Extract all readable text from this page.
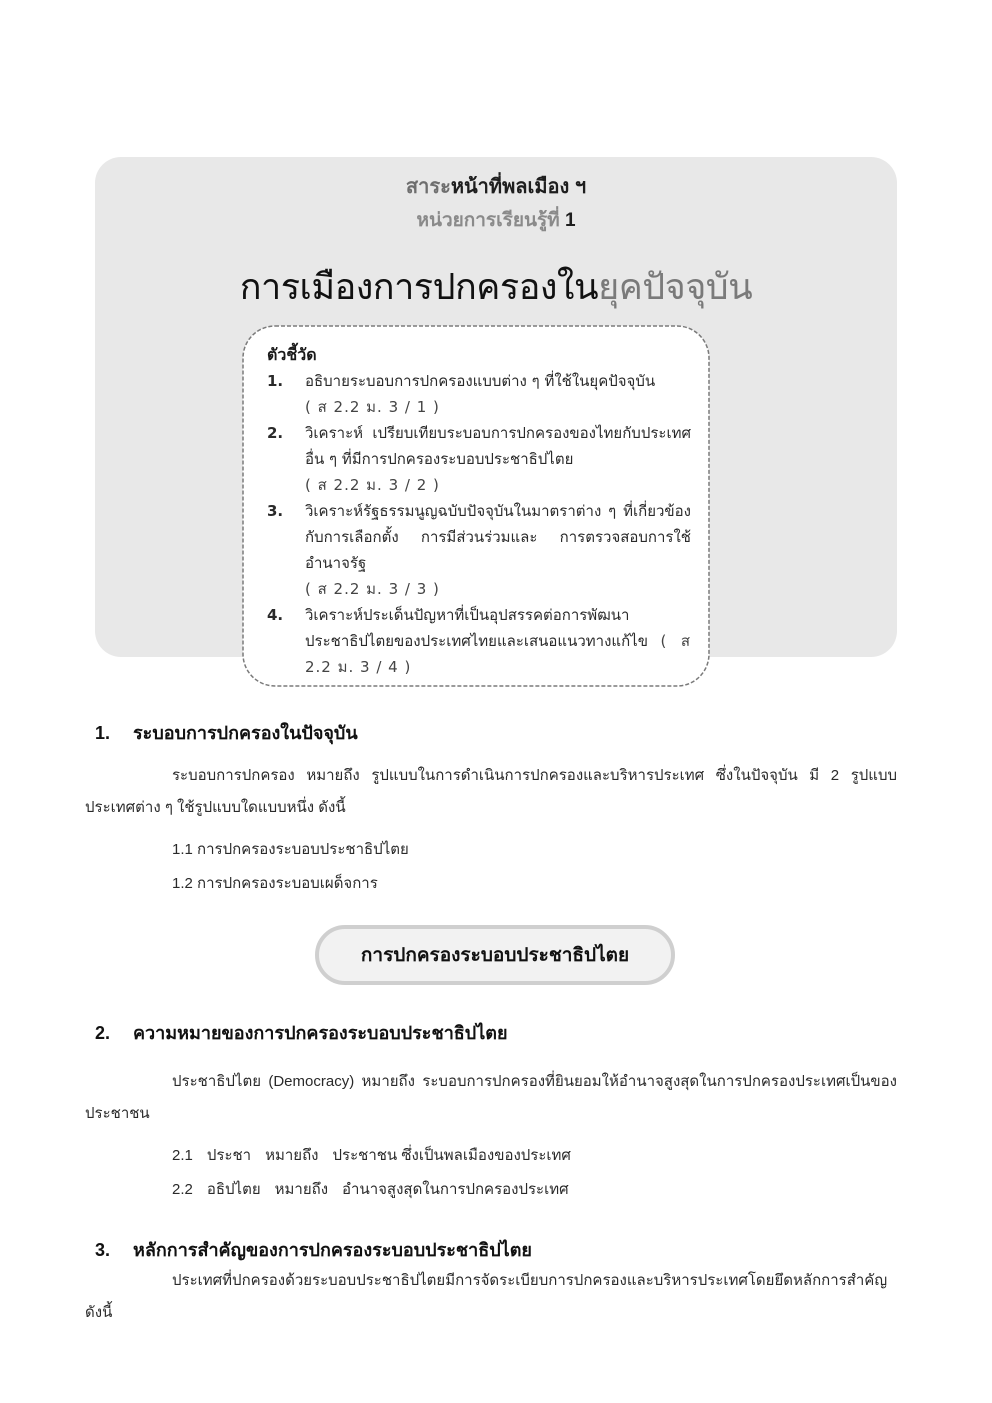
สาระหน้าที่พลเมือง ฯ
หน่วยการเรียนรู้ที่ 1
การเมืองการปกครองในยุคปัจจุบัน
ตัวชี้วัด
1.	อธิบายระบอบการปกครองแบบต่าง ๆ ที่ใช้ในยุคปัจจุบัน
( ส 2.2 ม. 3 / 1 )
2.	วิเคราะห์ เปรียบเทียบระบอบการปกครองของไทยกับประเทศอื่น ๆ ที่มีการปกครองระบอบประชาธิปไตย
( ส 2.2 ม. 3 / 2 )
3.	วิเคราะห์รัฐธรรมนูญฉบับปัจจุบันในมาตราต่าง ๆ ที่เกี่ยวข้องกับการเลือกตั้ง การมีส่วนร่วมและ การตรวจสอบการใช้อำนาจรัฐ
( ส 2.2 ม. 3 / 3 )
4.	วิเคราะห์ประเด็นปัญหาที่เป็นอุปสรรคต่อการพัฒนาประชาธิปไตยของประเทศไทยและเสนอแนวทางแก้ไข ( ส 2.2 ม. 3 / 4 )
1. ระบอบการปกครองในปัจจุบัน
ระบอบการปกครอง หมายถึง รูปแบบในการดำเนินการปกครองและบริหารประเทศ ซึ่งในปัจจุบัน มี 2 รูปแบบ ประเทศต่าง ๆ ใช้รูปแบบใดแบบหนึ่ง ดังนี้
1.1 การปกครองระบอบประชาธิปไตย
1.2 การปกครองระบอบเผด็จการ
การปกครองระบอบประชาธิปไตย
2. ความหมายของการปกครองระบอบประชาธิปไตย
ประชาธิปไตย (Democracy) หมายถึง ระบอบการปกครองที่ยินยอมให้อำนาจสูงสุดในการปกครองประเทศเป็นของประชาชน
2.1 ประชา หมายถึง ประชาชน ซึ่งเป็นพลเมืองของประเทศ
2.2 อธิปไตย หมายถึง อำนาจสูงสุดในการปกครองประเทศ
3. หลักการสำคัญของการปกครองระบอบประชาธิปไตย
ประเทศที่ปกครองด้วยระบอบประชาธิปไตยมีการจัดระเบียบการปกครองและบริหารประเทศโดยยึดหลักการสำคัญ ดังนี้
